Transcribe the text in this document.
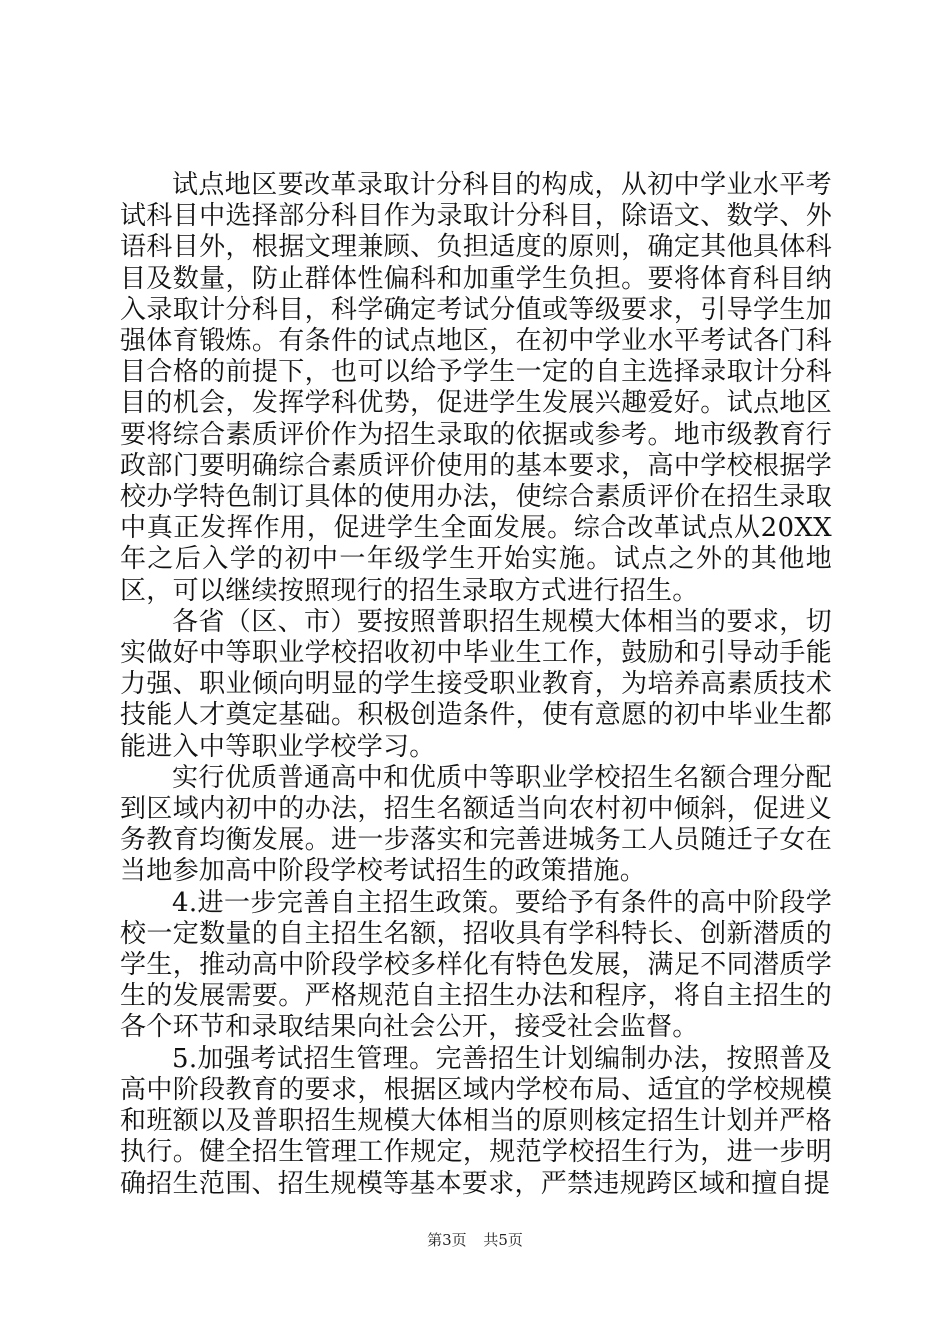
试点地区要改革录取计分科目的构成，从初中学业水平考试科目中选择部分科目作为录取计分科目，除语文、数学、外语科目外，根据文理兼顾、负担适度的原则，确定其他具体科目及数量，防止群体性偏科和加重学生负担。要将体育科目纳入录取计分科目，科学确定考试分值或等级要求，引导学生加强体育锻炼。有条件的试点地区，在初中学业水平考试各门科目合格的前提下，也可以给予学生一定的自主选择录取计分科目的机会，发挥学科优势，促进学生发展兴趣爱好。试点地区要将综合素质评价作为招生录取的依据或参考。地市级教育行政部门要明确综合素质评价使用的基本要求，高中学校根据学校办学特色制订具体的使用办法，使综合素质评价在招生录取中真正发挥作用，促进学生全面发展。综合改革试点从20XX年之后入学的初中一年级学生开始实施。试点之外的其他地区，可以继续按照现行的招生录取方式进行招生。

各省（区、市）要按照普职招生规模大体相当的要求，切实做好中等职业学校招收初中毕业生工作，鼓励和引导动手能力强、职业倾向明显的学生接受职业教育，为培养高素质技术技能人才奠定基础。积极创造条件，使有意愿的初中毕业生都能进入中等职业学校学习。

实行优质普通高中和优质中等职业学校招生名额合理分配到区域内初中的办法，招生名额适当向农村初中倾斜，促进义务教育均衡发展。进一步落实和完善进城务工人员随迁子女在当地参加高中阶段学校考试招生的政策措施。

4.进一步完善自主招生政策。要给予有条件的高中阶段学校一定数量的自主招生名额，招收具有学科特长、创新潜质的学生，推动高中阶段学校多样化有特色发展，满足不同潜质学生的发展需要。严格规范自主招生办法和程序，将自主招生的各个环节和录取结果向社会公开，接受社会监督。

5.加强考试招生管理。完善招生计划编制办法，按照普及高中阶段教育的要求，根据区域内学校布局、适宜的学校规模和班额以及普职招生规模大体相当的原则核定招生计划并严格执行。健全招生管理工作规定，规范学校招生行为，进一步明确招生范围、招生规模等基本要求，严禁违规跨区域和擅自提

第3页 共5页
